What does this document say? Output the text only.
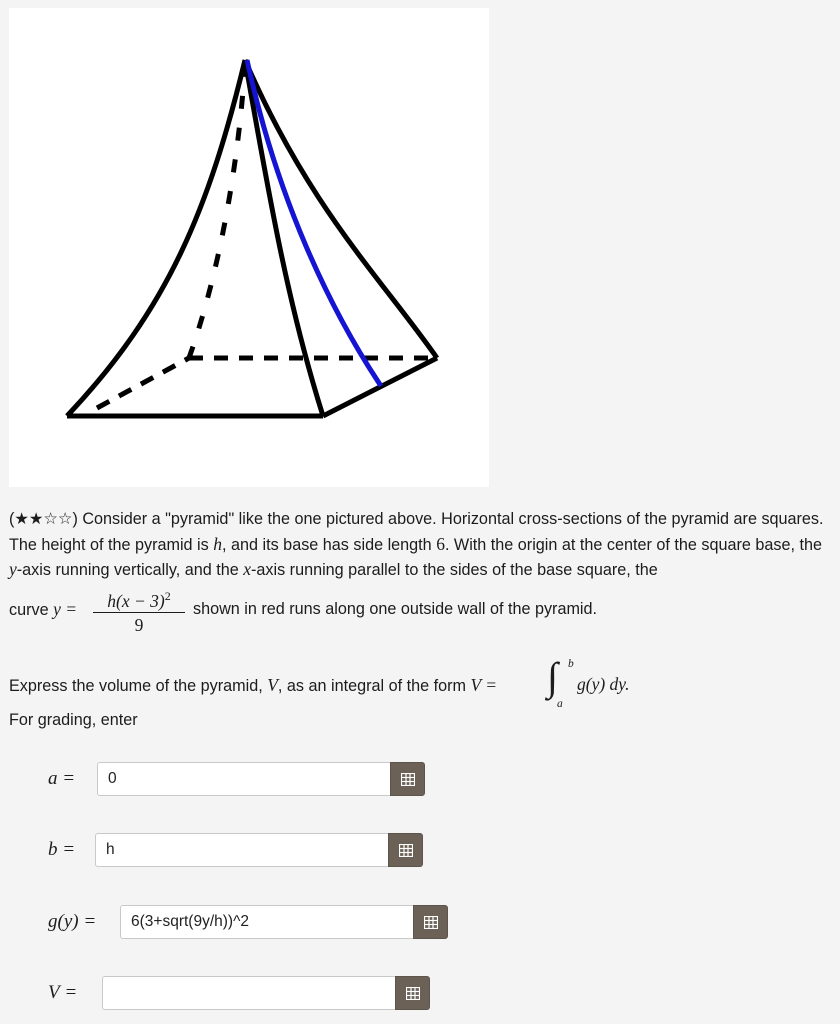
(★★☆☆) Consider a "pyramid" like the one pictured above. Horizontal cross-sections of the pyramid are squares. The height of the pyramid is h, and its base has side length 6. With the origin at the center of the square base, the y-axis running vertically, and the x-axis running parallel to the sides of the base square, the

curve $y = \frac{h(x - 3)^2}{9}$ shown in red runs along one outside wall of the pyramid.
Express the volume of the pyramid, V, as an integral of the form V = ∫ b
a
g(y) dy.
For grading, enter
a =
0
b =
h
g(y) =
6(3+sqrt(9y/h))^2
V =
